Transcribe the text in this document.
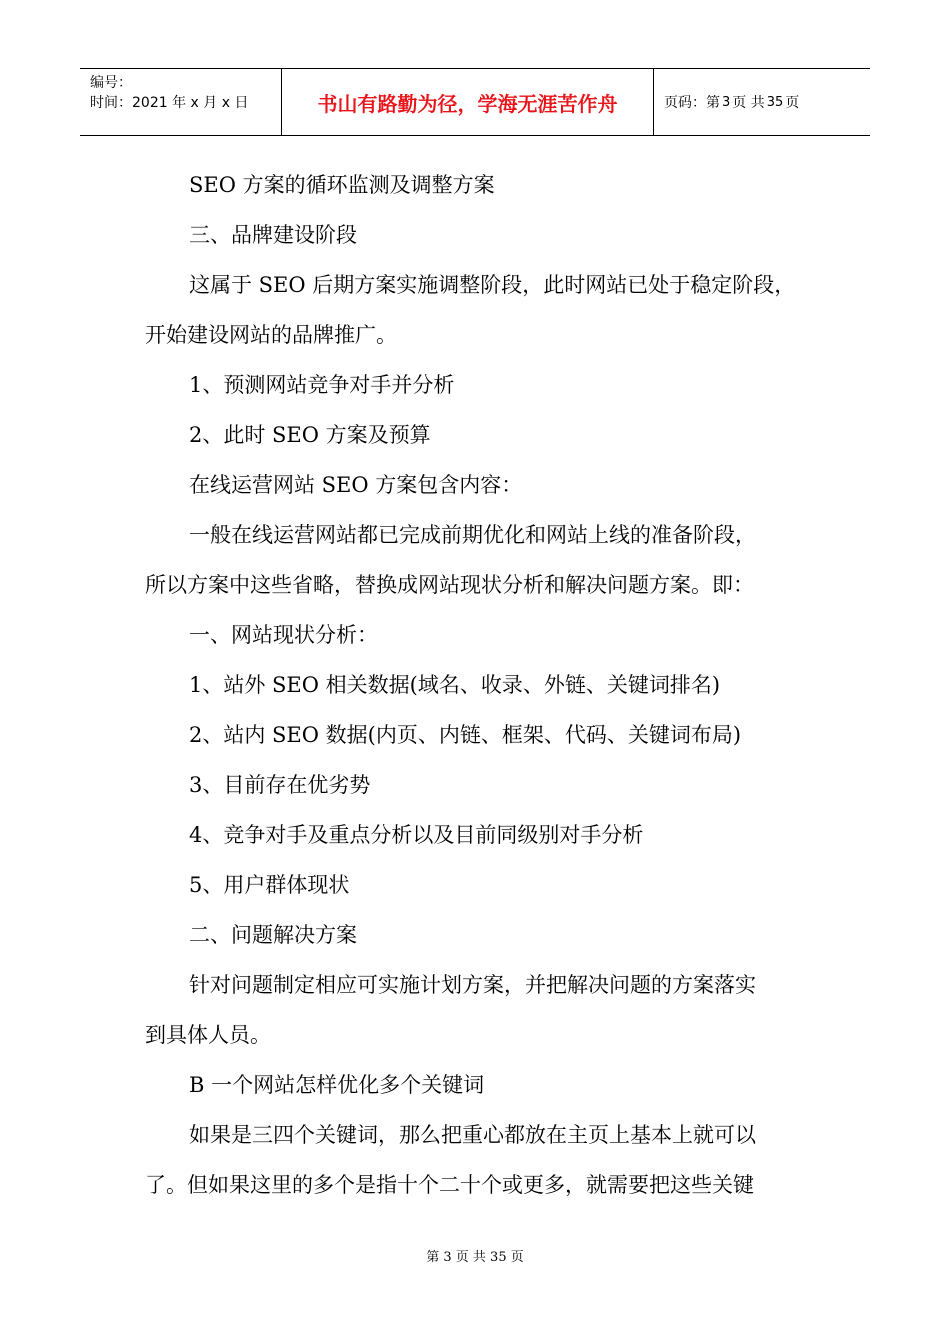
编号：
时间：2021 年 x 月 x 日	书山有路勤为径，学海无涯苦作舟	页码：第 3 页 共 35 页

SEO 方案的循环监测及调整方案

三、品牌建设阶段

这属于 SEO 后期方案实施调整阶段，此时网站已处于稳定阶段，

开始建设网站的品牌推广。

1、预测网站竞争对手并分析

2、此时 SEO 方案及预算

在线运营网站 SEO 方案包含内容：

一般在线运营网站都已完成前期优化和网站上线的准备阶段，

所以方案中这些省略，替换成网站现状分析和解决问题方案。即：

一、网站现状分析：

1、站外 SEO 相关数据(域名、收录、外链、关键词排名)

2、站内 SEO 数据(内页、内链、框架、代码、关键词布局)

3、目前存在优劣势

4、竞争对手及重点分析以及目前同级别对手分析

5、用户群体现状

二、问题解决方案

针对问题制定相应可实施计划方案，并把解决问题的方案落实

到具体人员。

B 一个网站怎样优化多个关键词

如果是三四个关键词，那么把重心都放在主页上基本上就可以

了。但如果这里的多个是指十个二十个或更多，就需要把这些关键

第 3 页 共 35 页
